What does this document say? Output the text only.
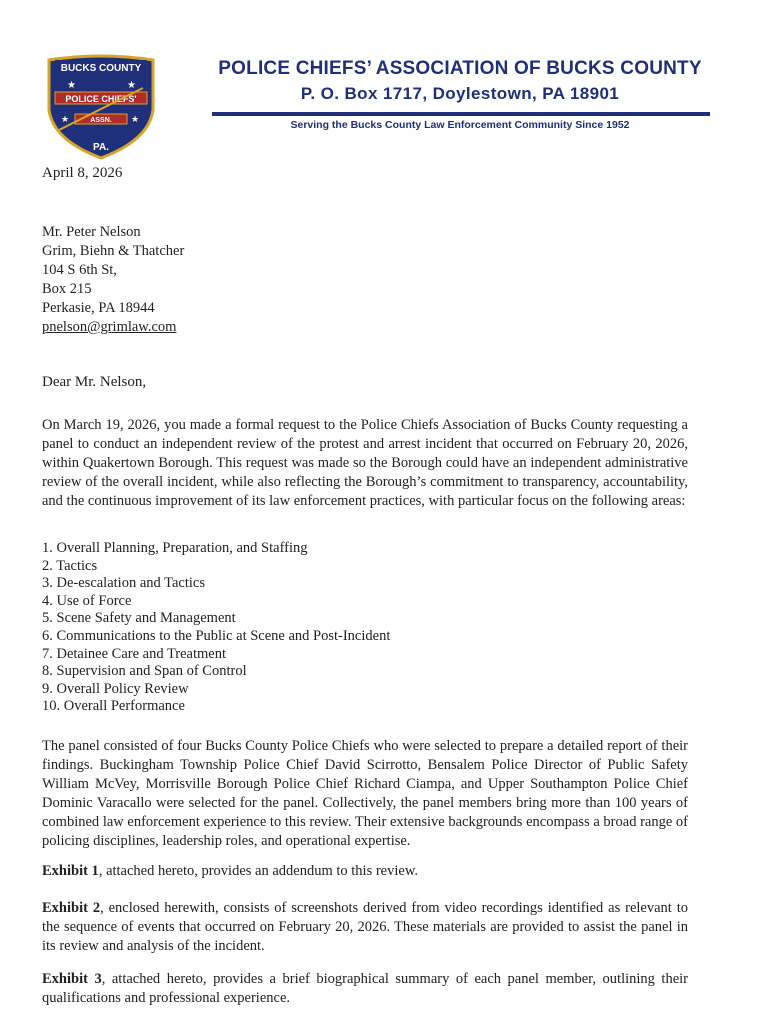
BUCKS COUNTY
POLICE CHIEFS'
ASSN.
★	★
★	★
PA.
POLICE CHIEFS’ ASSOCIATION OF BUCKS COUNTY
P. O. Box 1717, Doylestown, PA 18901
Serving the Bucks County Law Enforcement Community Since 1952
April 8, 2026
Mr. Peter Nelson
Grim, Biehn & Thatcher
104 S 6th St,
Box 215
Perkasie, PA 18944
pnelson@grimlaw.com
Dear Mr. Nelson,

On March 19, 2026, you made a formal request to the Police Chiefs Association of Bucks County requesting a panel to conduct an independent review of the protest and arrest incident that occurred on February 20, 2026, within Quakertown Borough. This request was made so the Borough could have an independent administrative review of the overall incident, while also reflecting the Borough’s commitment to transparency, accountability, and the continuous improvement of its law enforcement practices, with particular focus on the following areas:

1. Overall Planning, Preparation, and Staffing
2. Tactics
3. De-escalation and Tactics
4. Use of Force
5. Scene Safety and Management
6. Communications to the Public at Scene and Post-Incident
7. Detainee Care and Treatment
8. Supervision and Span of Control
9. Overall Policy Review
10. Overall Performance

The panel consisted of four Bucks County Police Chiefs who were selected to prepare a detailed report of their findings. Buckingham Township Police Chief David Scirrotto, Bensalem Police Director of Public Safety William McVey, Morrisville Borough Police Chief Richard Ciampa, and Upper Southampton Police Chief Dominic Varacallo were selected for the panel. Collectively, the panel members bring more than 100 years of combined law enforcement experience to this review. Their extensive backgrounds encompass a broad range of policing disciplines, leadership roles, and operational expertise.

Exhibit 1, attached hereto, provides an addendum to this review.

Exhibit 2, enclosed herewith, consists of screenshots derived from video recordings identified as relevant to the sequence of events that occurred on February 20, 2026. These materials are provided to assist the panel in its review and analysis of the incident.

Exhibit 3, attached hereto, provides a brief biographical summary of each panel member, outlining their qualifications and professional experience.
